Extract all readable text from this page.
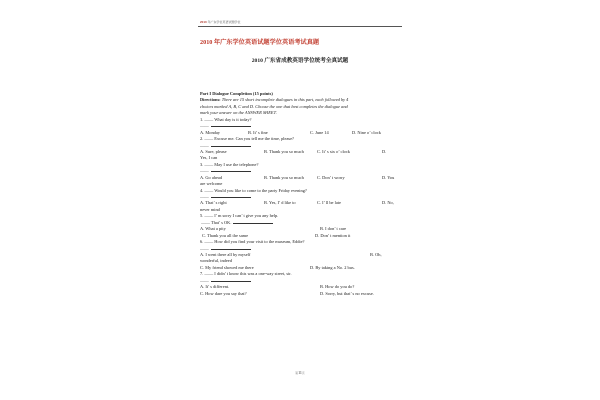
2010 年广东学位英语试题学位
2010 年广东学位英语试题学位英语考试真题
2010 广东省成教英语学位统考全真试题
Part I Dialogue Completion (15 points)
Directions: There are 15 short incomplete dialogues in this part, each followed by 4
choices marked A, B, C and D. Choose the one that best completes the dialogue and
mark your answer on the ANSWER SHEET.
1. —— What day is it today?
——
A. Monday	B. It’ s fine	C. June 14	D. Nine o’ clock
2. —— Excuse me. Can you tell me the time, please?
——
A. Sure, please	B. Thank you so much	C. It’ s six o’ clock	D.
Yes, I can
3. —— May I use the telephone?
——
A. Go ahead	B. Thank you so much	C. Don’ t worry	D. You
are welcome
4. —— Would you like to come to the party Friday evening?
——
A. That’ s right	B. Yes, I’ d like to	C. I’ ll be late	D. No,
never mind
5. —— I’ m sorry I can’ t give you any help.
—— That’ s OK.
A. What a pity	B. I don’ t care
C. Thank you all the same	D. Don’ t mention it
6. —— How did you find your visit to the museum, Eddie?
——
A. I went there all by myself	B. Oh,
wonderful, indeed
C. My friend showed me there	D. By taking a No. 2 bus.
7. —— I didn’ t know this was a one-way street, sir.
——
A. It’ s different.	B. How do you do?
C. How dare you say that?	D. Sorry, but that’ s no excuse.
第11页
